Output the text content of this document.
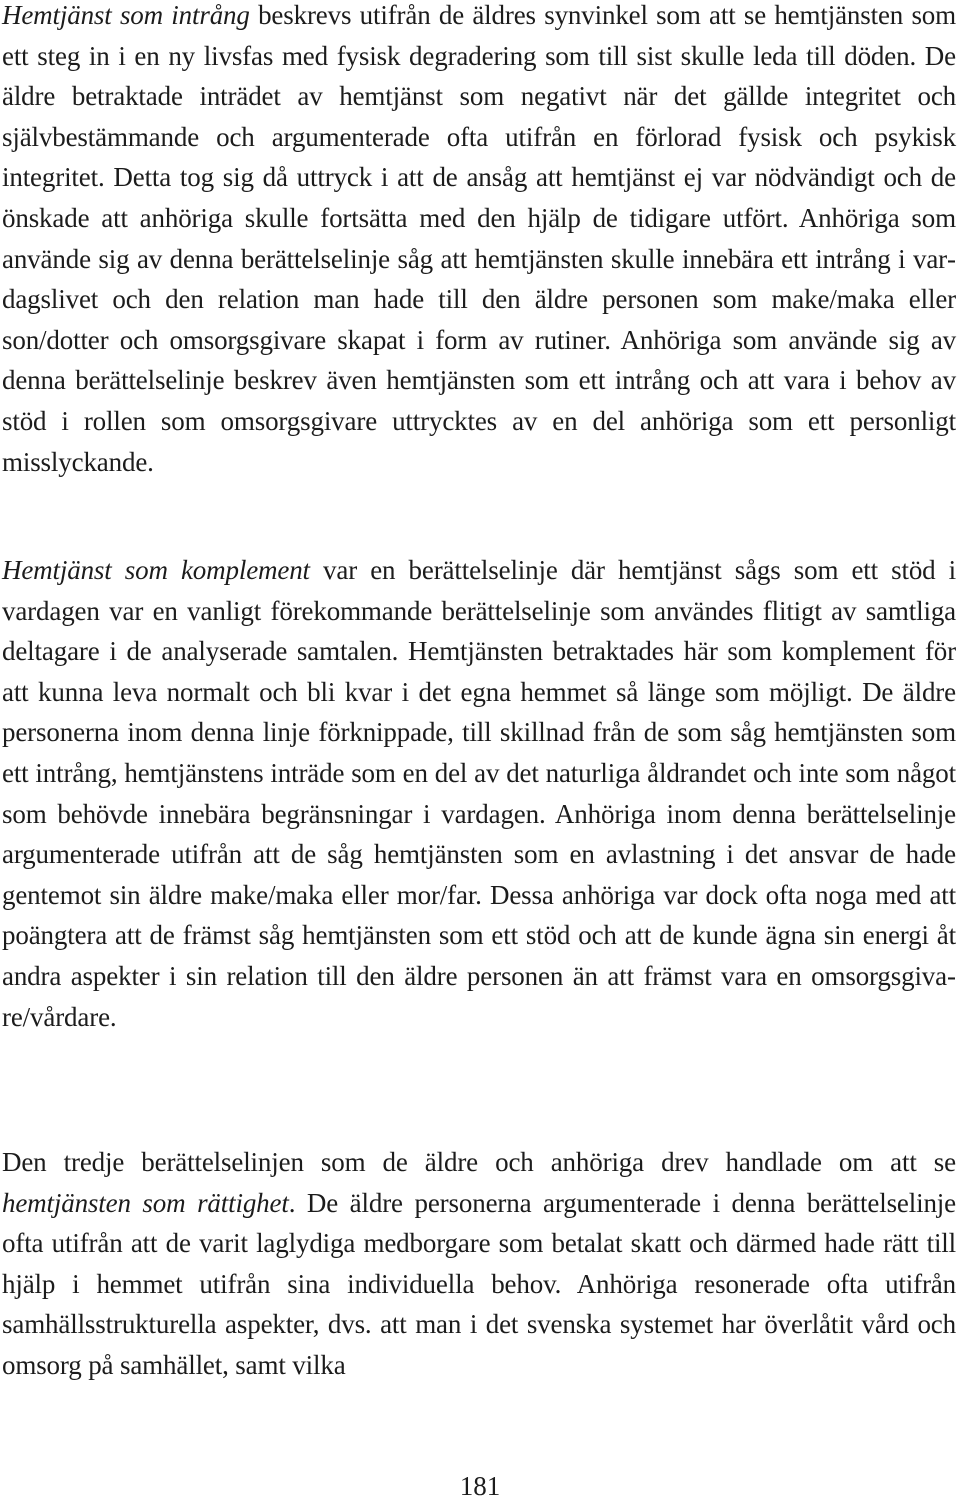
Hemtjänst som intrång beskrevs utifrån de äldres synvinkel som att se hemtjänsten som ett steg in i en ny livsfas med fysisk degradering som till sist skulle leda till döden. De äldre betraktade inträdet av hemtjänst som negativt när det gällde integritet och självbestämmande och argumenterade ofta utifrån en förlorad fysisk och psykisk integritet. Detta tog sig då uttryck i att de ansåg att hemtjänst ej var nödvändigt och de önskade att anhöriga skulle fortsätta med den hjälp de tidigare utfört. Anhöriga som använde sig av denna berättelselinje såg att hemtjänsten skulle innebära ett intrång i vardagslivet och den relation man hade till den äldre personen som make/maka eller son/dotter och omsorgsgivare skapat i form av rutiner. Anhöriga som använde sig av denna berättelselinje beskrev även hemtjänsten som ett intrång och att vara i behov av stöd i rollen som omsorgsgivare uttrycktes av en del anhöriga som ett personligt misslyckande.

Hemtjänst som komplement var en berättelselinje där hemtjänst sågs som ett stöd i vardagen var en vanligt förekommande berättelselinje som användes flitigt av samtliga deltagare i de analyserade samtalen. Hemtjänsten betraktades här som komplement för att kunna leva normalt och bli kvar i det egna hemmet så länge som möjligt. De äldre personerna inom denna linje förknippade, till skillnad från de som såg hemtjänsten som ett intrång, hemtjänstens inträde som en del av det naturliga åldrandet och inte som något som behövde innebära begränsningar i vardagen. Anhöriga inom denna berättelselinje argumenterade utifrån att de såg hemtjänsten som en avlastning i det ansvar de hade gentemot sin äldre make/maka eller mor/far. Dessa anhöriga var dock ofta noga med att poängtera att de främst såg hemtjänsten som ett stöd och att de kunde ägna sin energi åt andra aspekter i sin relation till den äldre personen än att främst vara en omsorgsgivare/vårdare.

Den tredje berättelselinjen som de äldre och anhöriga drev handlade om att se hemtjänsten som rättighet. De äldre personerna argumenterade i denna berättelselinje ofta utifrån att de varit laglydiga medborgare som betalat skatt och därmed hade rätt till hjälp i hemmet utifrån sina individuella behov. Anhöriga resonerade ofta utifrån samhällsstrukturella aspekter, dvs. att man i det svenska systemet har överlåtit vård och omsorg på samhället, samt vilka

181
